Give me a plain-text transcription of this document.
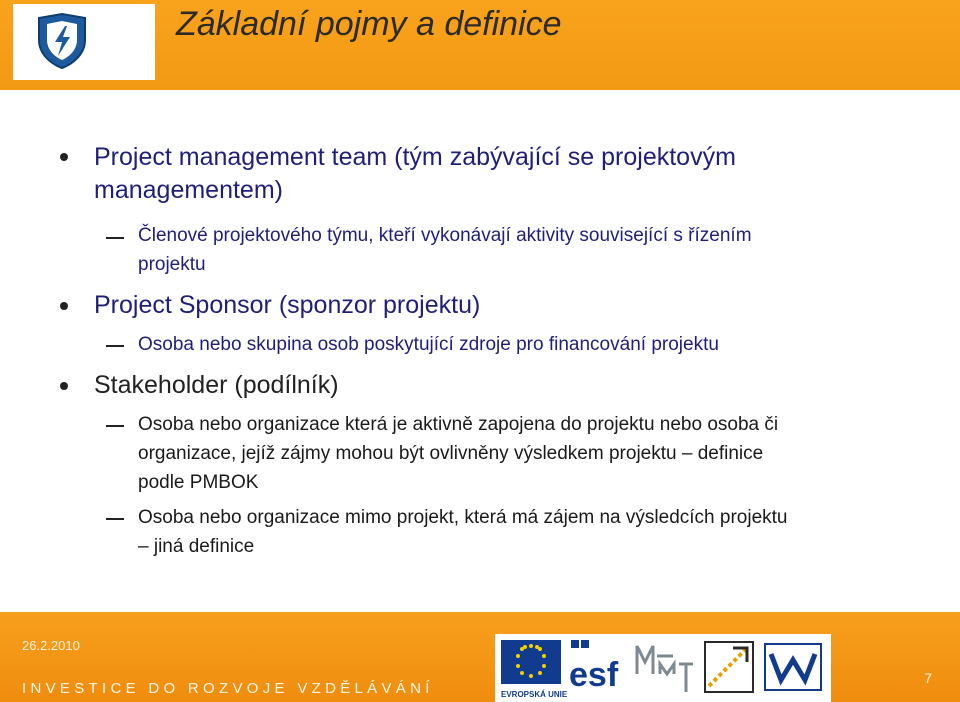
Základní pojmy a definice
Project management team (tým zabývající se projektovým
managementem)
Členové projektového týmu, kteří vykonávají aktivity související s řízením
projektu
Project Sponsor (sponzor projektu)
Osoba nebo skupina osob poskytující zdroje pro financování projektu
Stakeholder (podílník)
Osoba nebo organizace která je aktivně zapojena do projektu nebo osoba či
organizace, jejíž zájmy mohou být ovlivněny výsledkem projektu – definice
podle PMBOK
Osoba nebo organizace mimo projekt, která má zájem na výsledcích projektu
– jiná definice
26.2.2010
INVESTICE DO ROZVOJE VZDĚLÁVÁNÍ	EVROPSKÁ UNIE
esf	7
